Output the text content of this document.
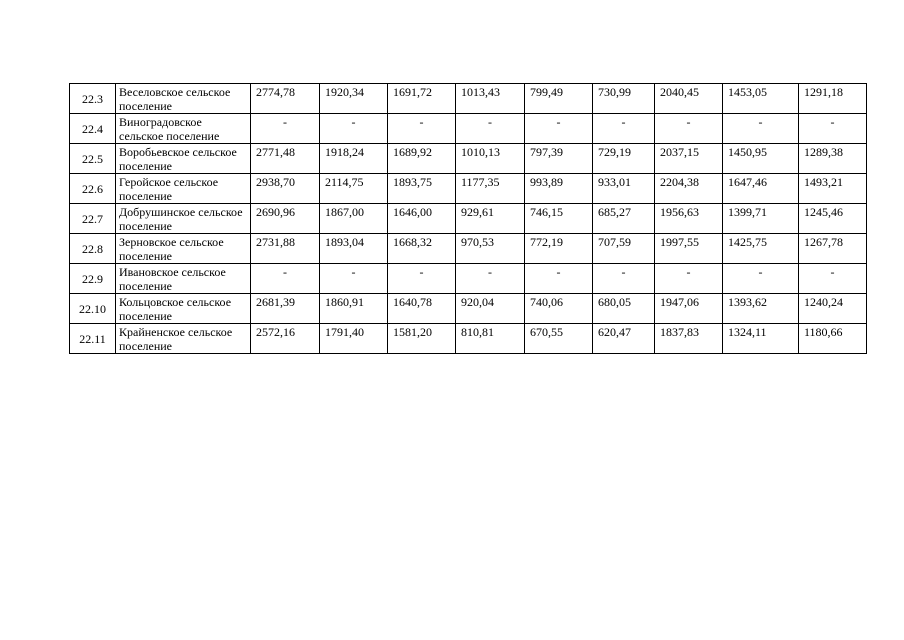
22.3	Веселовское сельское поселение	2774,78	1920,34	1691,72	1013,43	799,49	730,99	2040,45	1453,05	1291,18
22.4	Виноградовское сельское поселение	-	-	-	-	-	-	-	-	-
22.5	Воробьевское сельское поселение	2771,48	1918,24	1689,92	1010,13	797,39	729,19	2037,15	1450,95	1289,38
22.6	Геройское сельское поселение	2938,70	2114,75	1893,75	1177,35	993,89	933,01	2204,38	1647,46	1493,21
22.7	Добрушинское сельское поселение	2690,96	1867,00	1646,00	929,61	746,15	685,27	1956,63	1399,71	1245,46
22.8	Зерновское сельское поселение	2731,88	1893,04	1668,32	970,53	772,19	707,59	1997,55	1425,75	1267,78
22.9	Ивановское сельское поселение	-	-	-	-	-	-	-	-	-
22.10	Кольцовское сельское поселение	2681,39	1860,91	1640,78	920,04	740,06	680,05	1947,06	1393,62	1240,24
22.11	Крайненское сельское поселение	2572,16	1791,40	1581,20	810,81	670,55	620,47	1837,83	1324,11	1180,66
